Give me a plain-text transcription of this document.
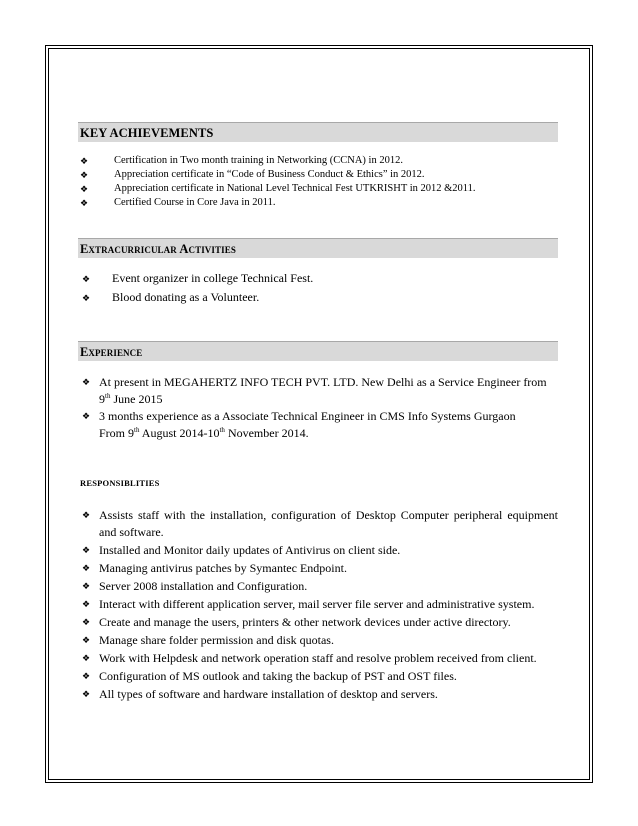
KEY ACHIEVEMENTS
❖ Certification in Two month training in Networking (CCNA) in 2012.
❖ Appreciation certificate in “Code of Business Conduct & Ethics” in 2012.
❖ Appreciation certificate in National Level Technical Fest UTKRISHT in 2012 &2011.
❖ Certified Course in Core Java in 2011.
Extracurricular Activities
❖ Event organizer in college Technical Fest.
❖ Blood donating as a Volunteer.
Experience
❖ At present in MEGAHERTZ INFO TECH PVT. LTD. New Delhi as a Service Engineer from 9th June 2015
❖ 3 months experience as a Associate Technical Engineer in CMS Info Systems Gurgaon
From 9th August 2014-10th November 2014.
RESPONSIBLITIES
❖ Assists staff with the installation, configuration of Desktop Computer peripheral equipment and software.
❖ Installed and Monitor daily updates of Antivirus on client side.
❖ Managing antivirus patches by Symantec Endpoint.
❖ Server 2008 installation and Configuration.
❖ Interact with different application server, mail server file server and administrative system.
❖ Create and manage the users, printers & other network devices under active directory.
❖ Manage share folder permission and disk quotas.
❖ Work with Helpdesk and network operation staff and resolve problem received from client.
❖ Configuration of MS outlook and taking the backup of PST and OST files.
❖ All types of software and hardware installation of desktop and servers.
